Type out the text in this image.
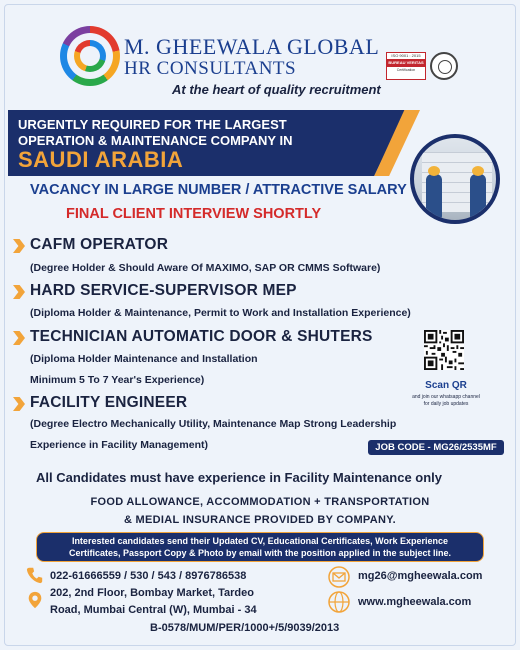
M. GHEEWALA GLOBAL
HR CONSULTANTS
At the heart of quality recruitment
ISO 9001 : 2015
BUREAU VERITAS
Certification
URGENTLY REQUIRED FOR THE LARGEST
OPERATION & MAINTENANCE COMPANY IN
SAUDI ARABIA
VACANCY IN LARGE NUMBER / ATTRACTIVE SALARY
FINAL CLIENT INTERVIEW SHORTLY
CAFM OPERATOR
(Degree Holder & Should Aware Of MAXIMO, SAP OR CMMS Software)
HARD SERVICE-SUPERVISOR MEP
(Diploma Holder & Maintenance, Permit to Work and Installation Experience)
TECHNICIAN AUTOMATIC DOOR & SHUTERS
(Diploma Holder Maintenance and Installation
Minimum 5 To 7 Year's Experience)
FACILITY ENGINEER
(Degree Electro Mechanically Utility, Maintenance Map Strong Leadership
Experience in Facility Management)
Scan QR
and join our whatsapp channel
for daily job updates
JOB CODE - MG26/2535MF
All Candidates must have experience in Facility Maintenance only
FOOD ALLOWANCE, ACCOMMODATION + TRANSPORTATION
& MEDIAL INSURANCE PROVIDED BY COMPANY.
Interested candidates send their Updated CV, Educational Certificates, Work Experience
Certificates, Passport Copy & Photo by email with the position applied in the subject line.
022-61666559 / 530 / 543 / 8976786538
202, 2nd Floor, Bombay Market, Tardeo
Road, Mumbai Central (W), Mumbai - 34
mg26@mgheewala.com
www.mgheewala.com
B-0578/MUM/PER/1000+/5/9039/2013
